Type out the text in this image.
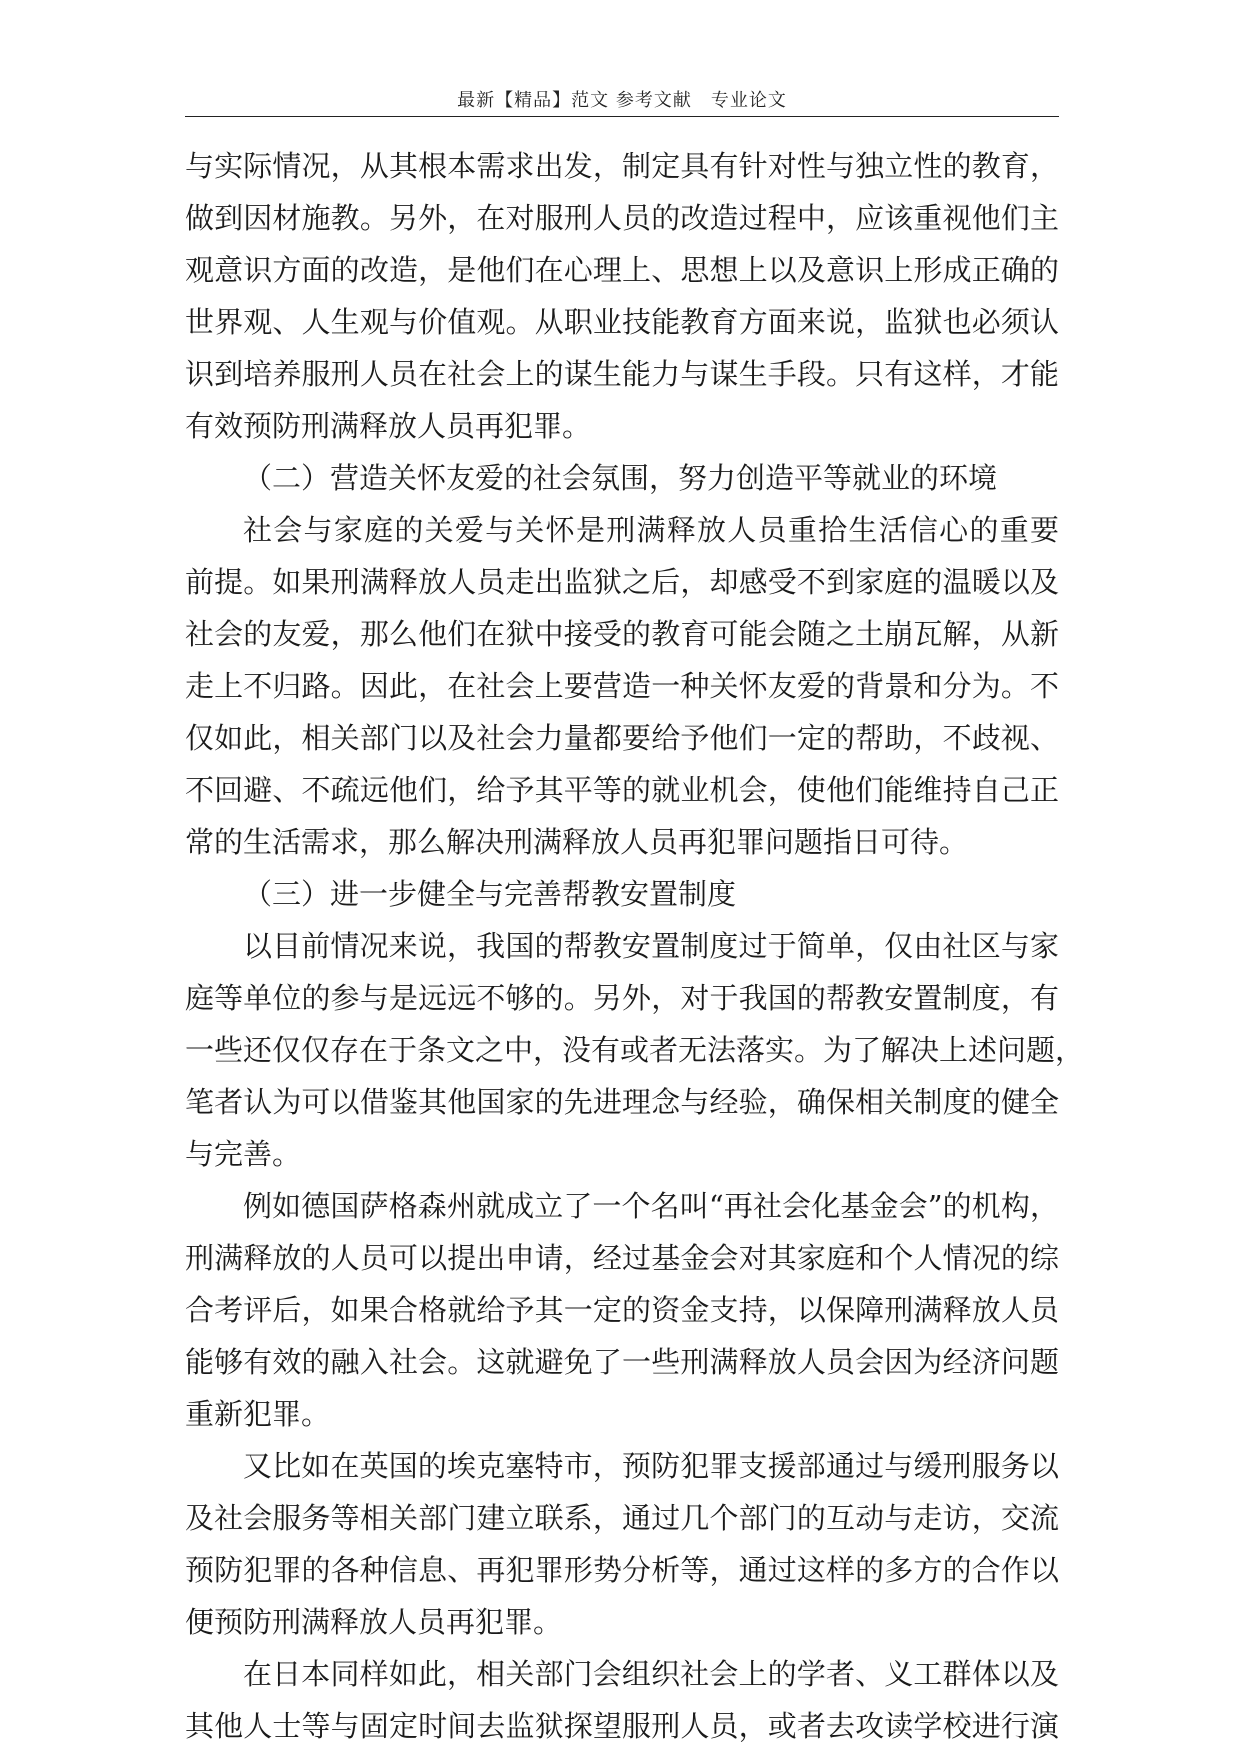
最新【精品】范文 参考文献　专业论文
与实际情况，从其根本需求出发，制定具有针对性与独立性的教育，
做到因材施教。另外，在对服刑人员的改造过程中，应该重视他们主
观意识方面的改造，是他们在心理上、思想上以及意识上形成正确的
世界观、人生观与价值观。从职业技能教育方面来说，监狱也必须认
识到培养服刑人员在社会上的谋生能力与谋生手段。只有这样，才能
有效预防刑满释放人员再犯罪。
（二）营造关怀友爱的社会氛围，努力创造平等就业的环境
社会与家庭的关爱与关怀是刑满释放人员重拾生活信心的重要
前提。如果刑满释放人员走出监狱之后，却感受不到家庭的温暖以及
社会的友爱，那么他们在狱中接受的教育可能会随之土崩瓦解，从新
走上不归路。因此，在社会上要营造一种关怀友爱的背景和分为。不
仅如此，相关部门以及社会力量都要给予他们一定的帮助，不歧视、
不回避、不疏远他们，给予其平等的就业机会，使他们能维持自己正
常的生活需求，那么解决刑满释放人员再犯罪问题指日可待。
（三）进一步健全与完善帮教安置制度
以目前情况来说，我国的帮教安置制度过于简单，仅由社区与家
庭等单位的参与是远远不够的。另外，对于我国的帮教安置制度，有
一些还仅仅存在于条文之中，没有或者无法落实。为了解决上述问题，
笔者认为可以借鉴其他国家的先进理念与经验，确保相关制度的健全
与完善。
例如德国萨格森州就成立了一个名叫“再社会化基金会”的机构，
刑满释放的人员可以提出申请，经过基金会对其家庭和个人情况的综
合考评后，如果合格就给予其一定的资金支持，以保障刑满释放人员
能够有效的融入社会。这就避免了一些刑满释放人员会因为经济问题
重新犯罪。
又比如在英国的埃克塞特市，预防犯罪支援部通过与缓刑服务以
及社会服务等相关部门建立联系，通过几个部门的互动与走访，交流
预防犯罪的各种信息、再犯罪形势分析等，通过这样的多方的合作以
便预防刑满释放人员再犯罪。
在日本同样如此，相关部门会组织社会上的学者、义工群体以及
其他人士等与固定时间去监狱探望服刑人员，或者去攻读学校进行演
